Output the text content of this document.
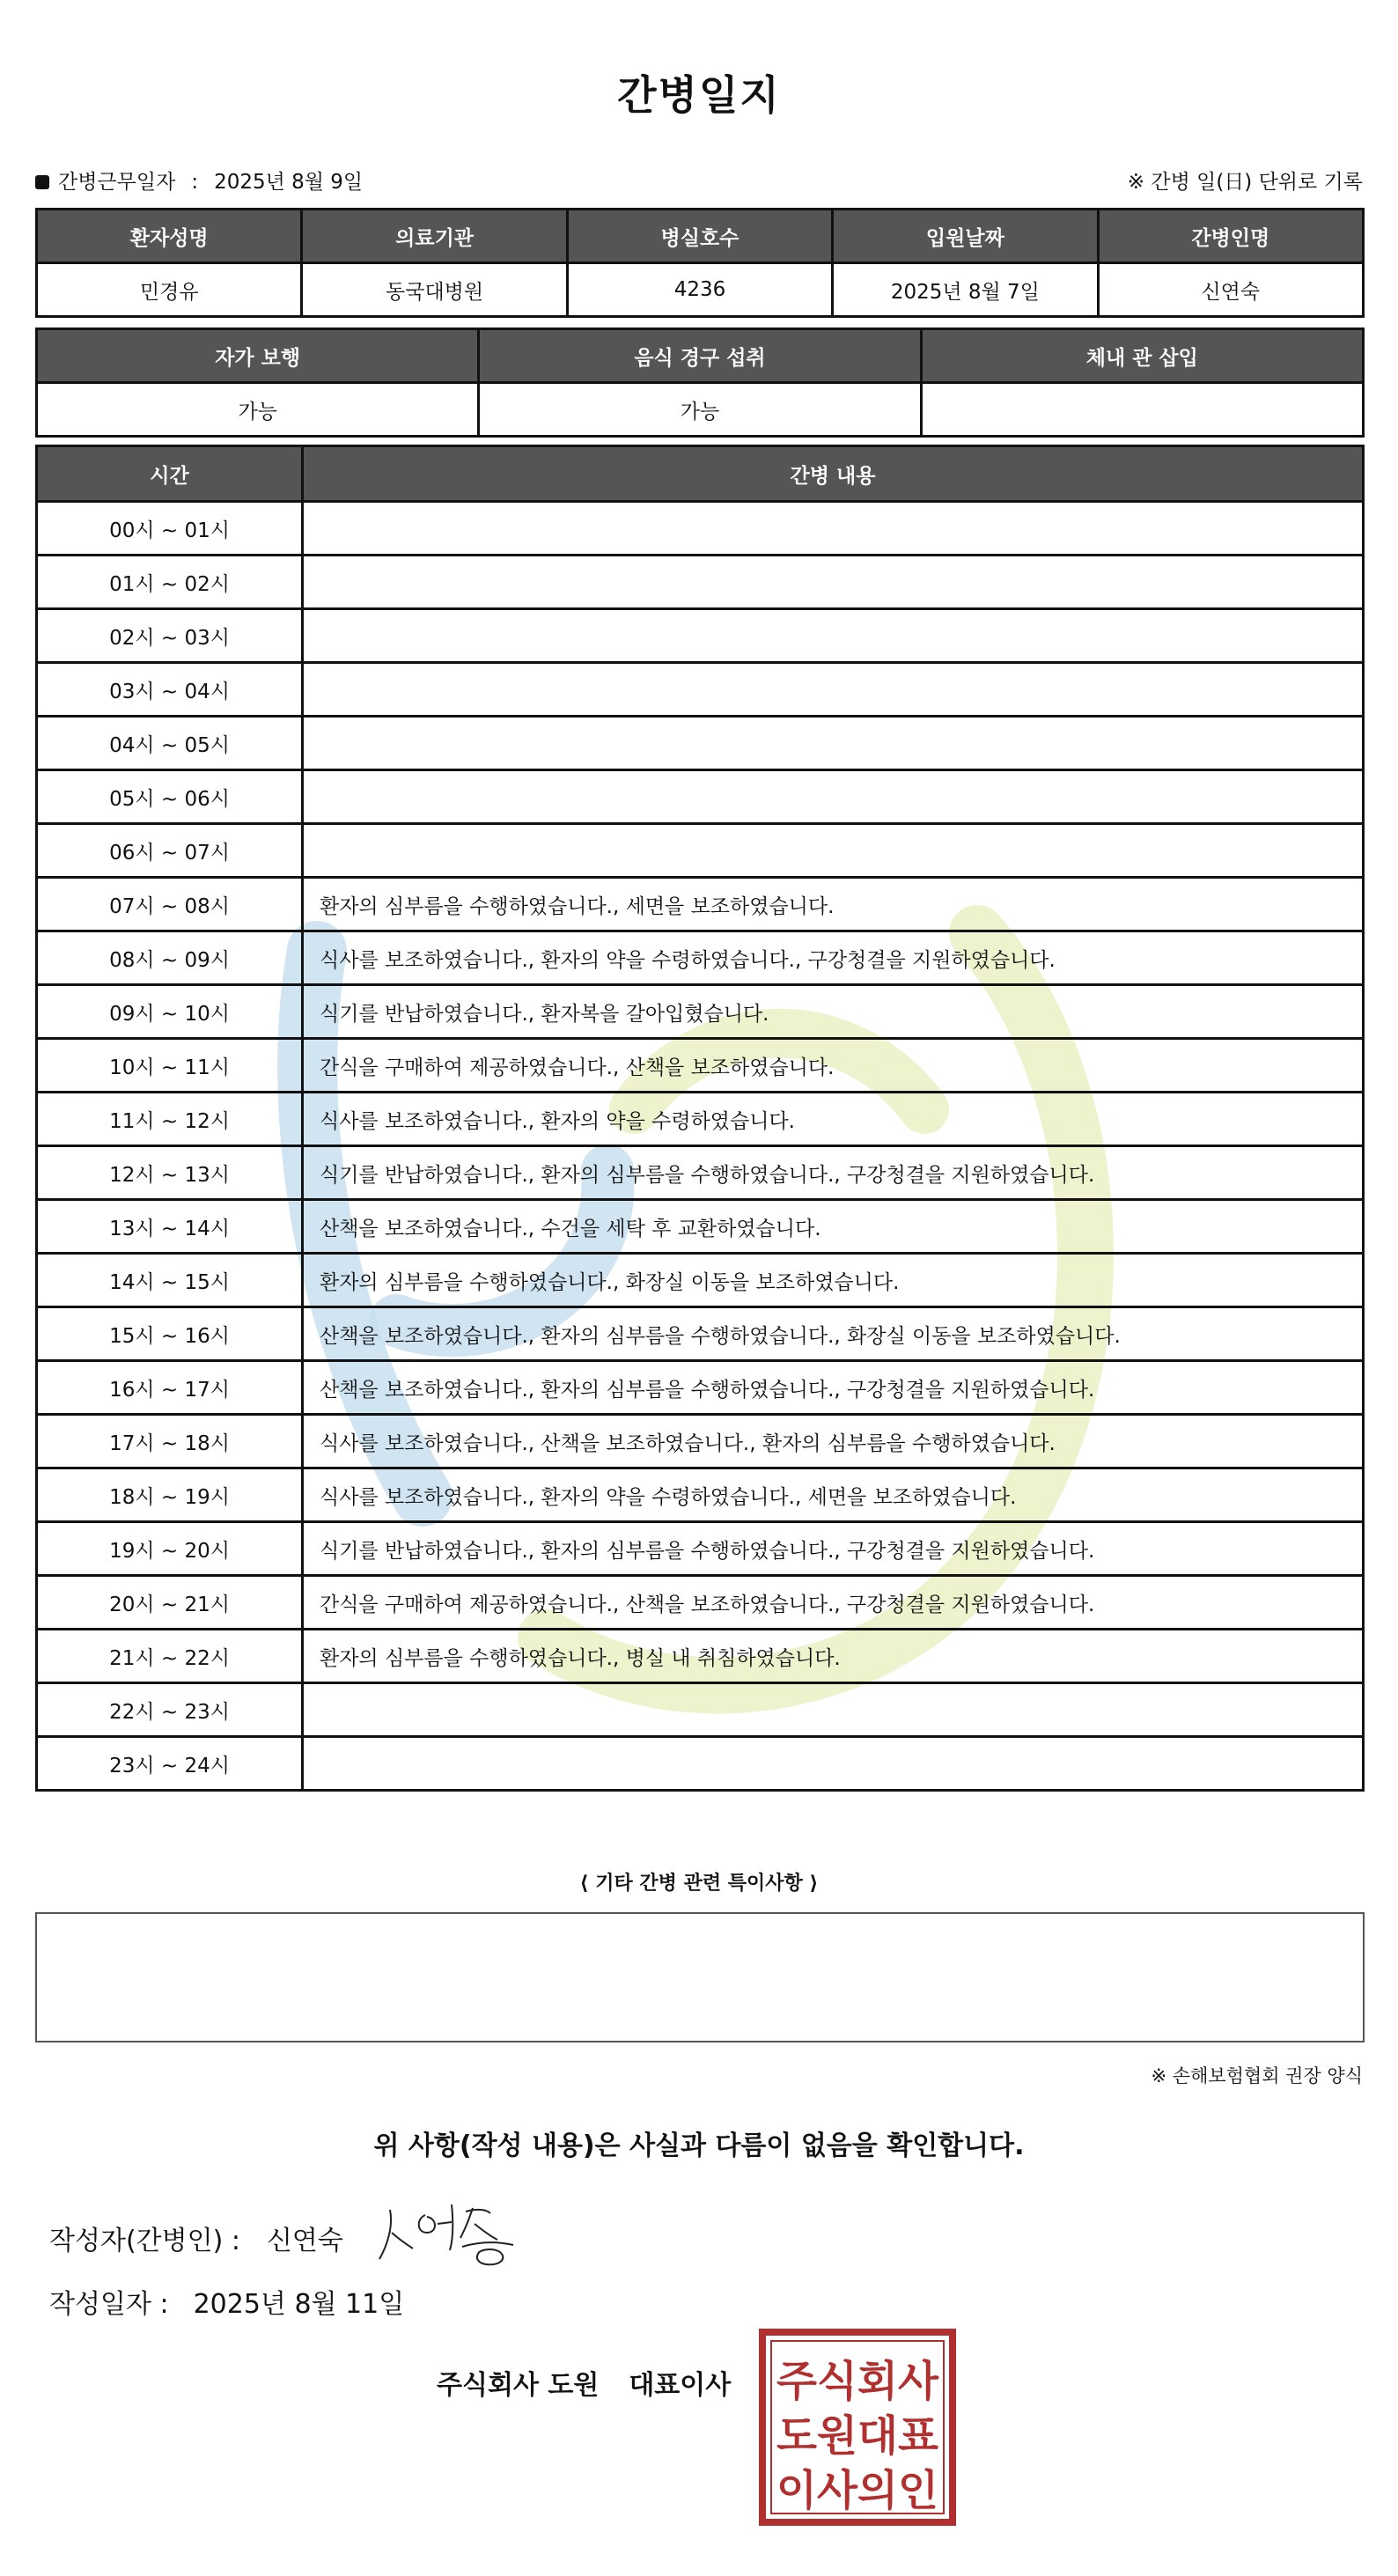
간병일지
간병근무일자 : 2025년 8월 9일	※ 간병 일(日) 단위로 기록
환자성명	의료기관	병실호수	입원날짜	간병인명
민경유	동국대병원	4236	2025년 8월 7일	신연숙
자가 보행	음식 경구 섭취	체내 관 삽입
가능	가능	
시간	간병 내용
00시 ~ 01시	
01시 ~ 02시	
02시 ~ 03시	
03시 ~ 04시	
04시 ~ 05시	
05시 ~ 06시	
06시 ~ 07시	
07시 ~ 08시	환자의 심부름을 수행하였습니다., 세면을 보조하였습니다.
08시 ~ 09시	식사를 보조하였습니다., 환자의 약을 수령하였습니다., 구강청결을 지원하였습니다.
09시 ~ 10시	식기를 반납하였습니다., 환자복을 갈아입혔습니다.
10시 ~ 11시	간식을 구매하여 제공하였습니다., 산책을 보조하였습니다.
11시 ~ 12시	식사를 보조하였습니다., 환자의 약을 수령하였습니다.
12시 ~ 13시	식기를 반납하였습니다., 환자의 심부름을 수행하였습니다., 구강청결을 지원하였습니다.
13시 ~ 14시	산책을 보조하였습니다., 수건을 세탁 후 교환하였습니다.
14시 ~ 15시	환자의 심부름을 수행하였습니다., 화장실 이동을 보조하였습니다.
15시 ~ 16시	산책을 보조하였습니다., 환자의 심부름을 수행하였습니다., 화장실 이동을 보조하였습니다.
16시 ~ 17시	산책을 보조하였습니다., 환자의 심부름을 수행하였습니다., 구강청결을 지원하였습니다.
17시 ~ 18시	식사를 보조하였습니다., 산책을 보조하였습니다., 환자의 심부름을 수행하였습니다.
18시 ~ 19시	식사를 보조하였습니다., 환자의 약을 수령하였습니다., 세면을 보조하였습니다.
19시 ~ 20시	식기를 반납하였습니다., 환자의 심부름을 수행하였습니다., 구강청결을 지원하였습니다.
20시 ~ 21시	간식을 구매하여 제공하였습니다., 산책을 보조하였습니다., 구강청결을 지원하였습니다.
21시 ~ 22시	환자의 심부름을 수행하였습니다., 병실 내 취침하였습니다.
22시 ~ 23시	
23시 ~ 24시	
⟨ 기타 간병 관련 특이사항 ⟩
※ 손해보험협회 권장 양식
위 사항(작성 내용)은 사실과 다름이 없음을 확인합니다.
작성자(간병인) : 신연숙
작성일자 : 2025년 8월 11일
주식회사 도원 대표이사 주식회사
도원대표
이사의인
